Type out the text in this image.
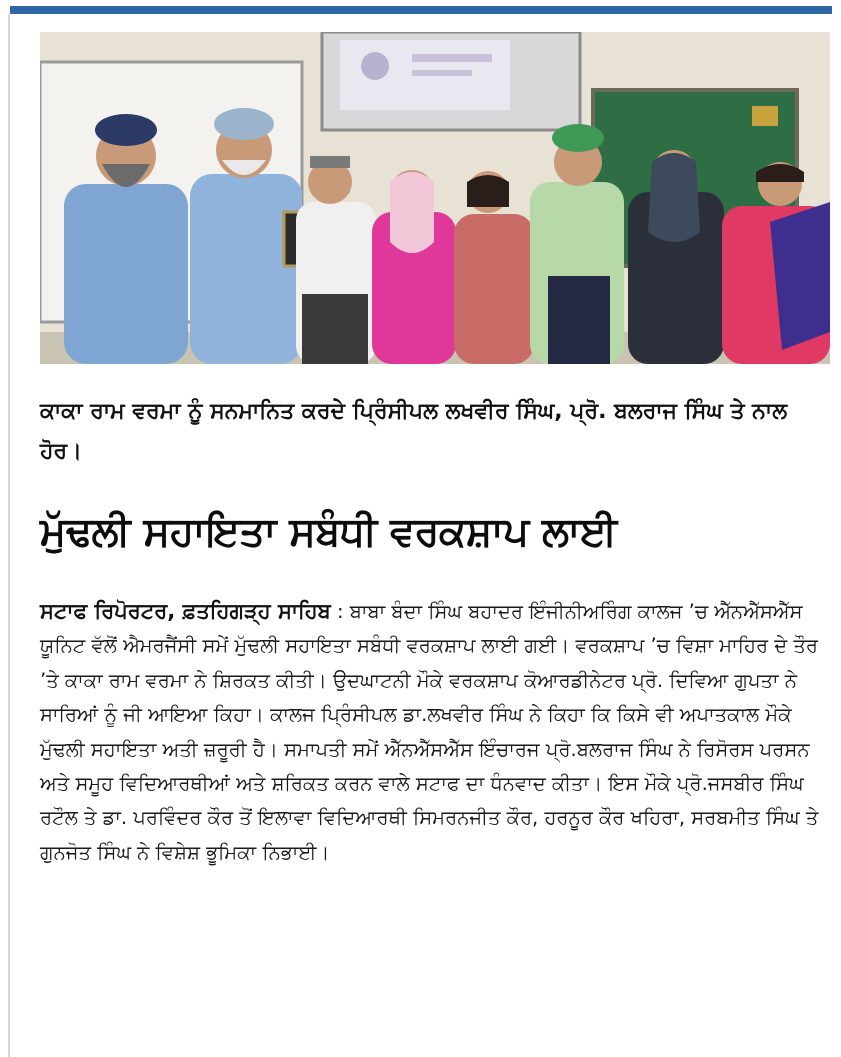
ਕਾਕਾ ਰਾਮ ਵਰਮਾ ਨੂੰ ਸਨਮਾਨਿਤ ਕਰਦੇ ਪ੍ਰਿੰਸੀਪਲ ਲਖਵੀਰ ਸਿੰਘ, ਪ੍ਰੋ. ਬਲਰਾਜ ਸਿੰਘ ਤੇ ਨਾਲ ਹੋਰ।

ਮੁੱਢਲੀ ਸਹਾਇਤਾ ਸਬੰਧੀ ਵਰਕਸ਼ਾਪ ਲਾਈ

ਸਟਾਫ ਰਿਪੋਰਟਰ, ਫ਼ਤਹਿਗੜ੍ਹ ਸਾਹਿਬ : ਬਾਬਾ ਬੰਦਾ ਸਿੰਘ ਬਹਾਦਰ ਇੰਜੀਨੀਅਰਿੰਗ ਕਾਲਜ ’ਚ ਐੱਨਐੱਸਐੱਸ ਯੂਨਿਟ ਵੱਲੋਂ ਐਮਰਜੈਂਸੀ ਸਮੇਂ ਮੁੱਢਲੀ ਸਹਾਇਤਾ ਸਬੰਧੀ ਵਰਕਸ਼ਾਪ ਲਾਈ ਗਈ। ਵਰਕਸ਼ਾਪ ’ਚ ਵਿਸ਼ਾ ਮਾਹਿਰ ਦੇ ਤੌਰ ’ਤੇ ਕਾਕਾ ਰਾਮ ਵਰਮਾ ਨੇ ਸ਼ਿਰਕਤ ਕੀਤੀ। ਉਦਘਾਟਨੀ ਮੌਕੇ ਵਰਕਸ਼ਾਪ ਕੋਆਰਡੀਨੇਟਰ ਪ੍ਰੋ. ਦਿਵਿਆ ਗੁਪਤਾ ਨੇ ਸਾਰਿਆਂ ਨੂੰ ਜੀ ਆਇਆ ਕਿਹਾ। ਕਾਲਜ ਪ੍ਰਿੰਸੀਪਲ ਡਾ.ਲਖਵੀਰ ਸਿੰਘ ਨੇ ਕਿਹਾ ਕਿ ਕਿਸੇ ਵੀ ਅਪਾਤਕਾਲ ਮੌਕੇ ਮੁੱਢਲੀ ਸਹਾਇਤਾ ਅਤੀ ਜ਼ਰੂਰੀ ਹੈ। ਸਮਾਪਤੀ ਸਮੇਂ ਐੱਨਐੱਸਐੱਸ ਇੰਚਾਰਜ ਪ੍ਰੋ.ਬਲਰਾਜ ਸਿੰਘ ਨੇ ਰਿਸੋਰਸ ਪਰਸਨ ਅਤੇ ਸਮੂਹ ਵਿਦਿਆਰਥੀਆਂ ਅਤੇ ਸ਼ਰਿਕਤ ਕਰਨ ਵਾਲੇ ਸਟਾਫ ਦਾ ਧੰਨਵਾਦ ਕੀਤਾ। ਇਸ ਮੌਕੇ ਪ੍ਰੋ.ਜਸਬੀਰ ਸਿੰਘ ਰਟੌਲ ਤੇ ਡਾ. ਪਰਵਿੰਦਰ ਕੌਰ ਤੋਂ ਇਲਾਵਾ ਵਿਦਿਆਰਥੀ ਸਿਮਰਨਜੀਤ ਕੌਰ, ਹਰਨੂਰ ਕੌਰ ਖਹਿਰਾ, ਸਰਬਮੀਤ ਸਿੰਘ ਤੇ ਗੁਨਜੋਤ ਸਿੰਘ ਨੇ ਵਿਸ਼ੇਸ਼ ਭੂਮਿਕਾ ਨਿਭਾਈ।
